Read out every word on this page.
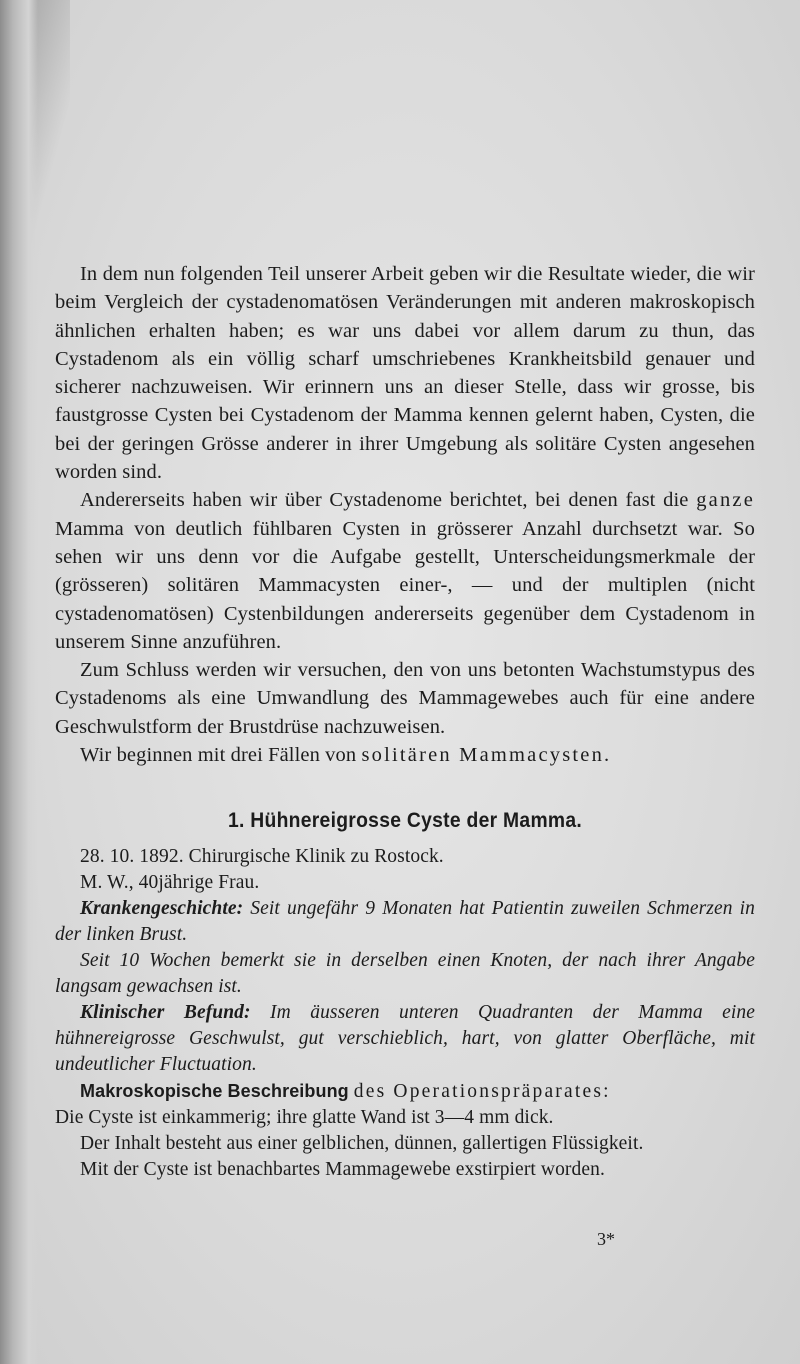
In dem nun folgenden Teil unserer Arbeit geben wir die Resultate wieder, die wir beim Vergleich der cystadenomatösen Veränderungen mit anderen makroskopisch ähnlichen erhalten haben; es war uns dabei vor allem darum zu thun, das Cystadenom als ein völlig scharf umschriebenes Krankheitsbild genauer und sicherer nachzuweisen. Wir erinnern uns an dieser Stelle, dass wir grosse, bis faustgrosse Cysten bei Cystadenom der Mamma kennen gelernt haben, Cysten, die bei der geringen Grösse anderer in ihrer Umgebung als solitäre Cysten angesehen worden sind.

Andererseits haben wir über Cystadenome berichtet, bei denen fast die ganze Mamma von deutlich fühlbaren Cysten in grösserer Anzahl durchsetzt war. So sehen wir uns denn vor die Aufgabe gestellt, Unterscheidungsmerkmale der (grösseren) solitären Mammacysten einer-, — und der multiplen (nicht cystadenomatösen) Cystenbildungen andererseits gegenüber dem Cystadenom in unserem Sinne anzuführen.

Zum Schluss werden wir versuchen, den von uns betonten Wachstumstypus des Cystadenoms als eine Umwandlung des Mammagewebes auch für eine andere Geschwulstform der Brustdrüse nachzuweisen.

Wir beginnen mit drei Fällen von solitären Mammacysten.

1. Hühnereigrosse Cyste der Mamma.

28. 10. 1892. Chirurgische Klinik zu Rostock.

M. W., 40jährige Frau.

Krankengeschichte: Seit ungefähr 9 Monaten hat Patientin zuweilen Schmerzen in der linken Brust.

Seit 10 Wochen bemerkt sie in derselben einen Knoten, der nach ihrer Angabe langsam gewachsen ist.

Klinischer Befund: Im äusseren unteren Quadranten der Mamma eine hühnereigrosse Geschwulst, gut verschieblich, hart, von glatter Oberfläche, mit undeutlicher Fluctuation.

Makroskopische Beschreibung des Operationspräparates:

Die Cyste ist einkammerig; ihre glatte Wand ist 3—4 mm dick.

Der Inhalt besteht aus einer gelblichen, dünnen, gallertigen Flüssigkeit.

Mit der Cyste ist benachbartes Mammagewebe exstirpiert worden.

3*
